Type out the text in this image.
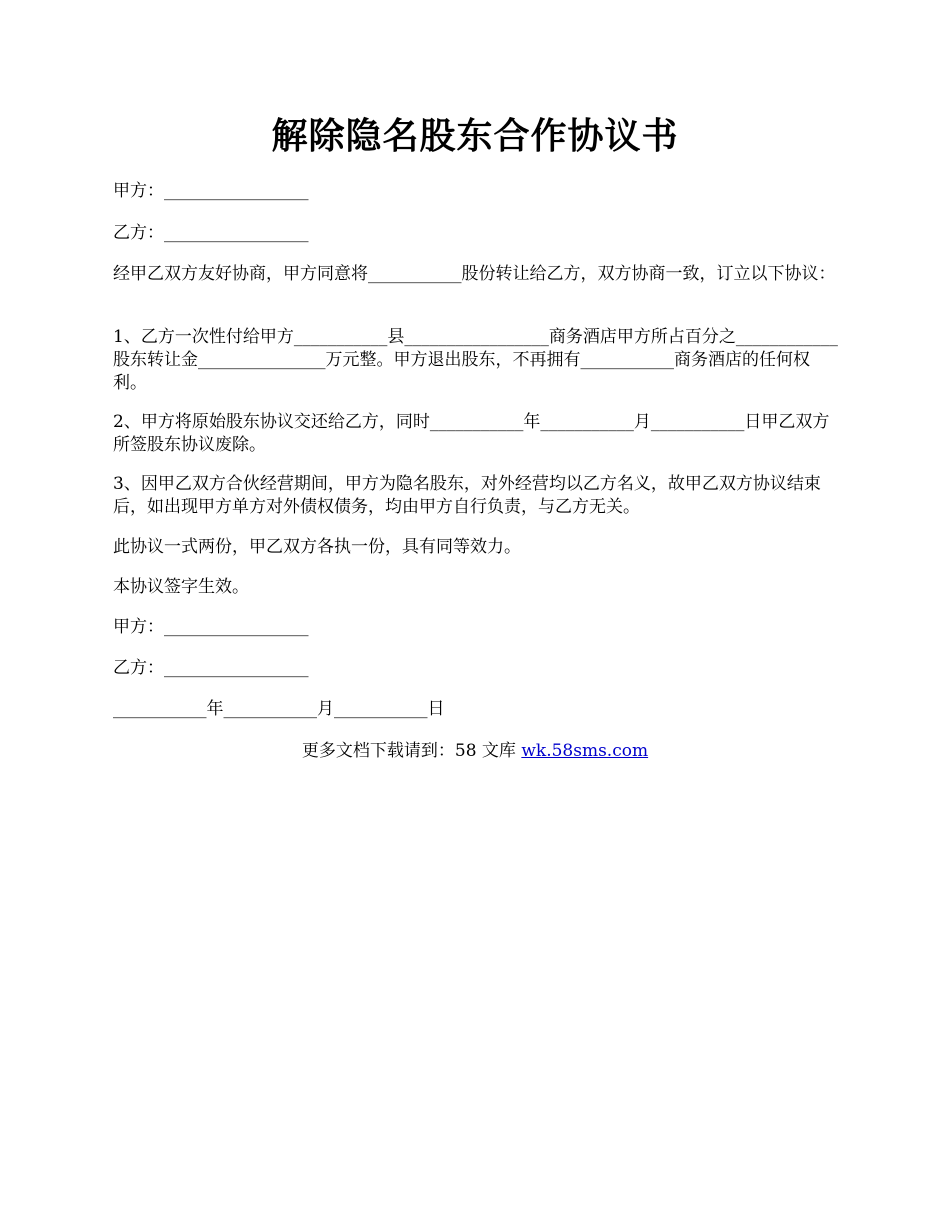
解除隐名股东合作协议书
甲方：_________________
乙方：_________________
经甲乙双方友好协商，甲方同意将___________股份转让给乙方，双方协商一致，订立以下协议：
1、乙方一次性付给甲方___________县_________________商务酒店甲方所占百分之____________股东转让金_______________万元整。甲方退出股东，不再拥有___________商务酒店的任何权利。
2、甲方将原始股东协议交还给乙方，同时___________年___________月___________日甲乙双方所签股东协议废除。
3、因甲乙双方合伙经营期间，甲方为隐名股东，对外经营均以乙方名义，故甲乙双方协议结束后，如出现甲方单方对外债权债务，均由甲方自行负责，与乙方无关。
此协议一式两份，甲乙双方各执一份，具有同等效力。
本协议签字生效。
甲方：_________________
乙方：_________________
___________年___________月___________日
更多文档下载请到：58 文库 wk.58sms.com
